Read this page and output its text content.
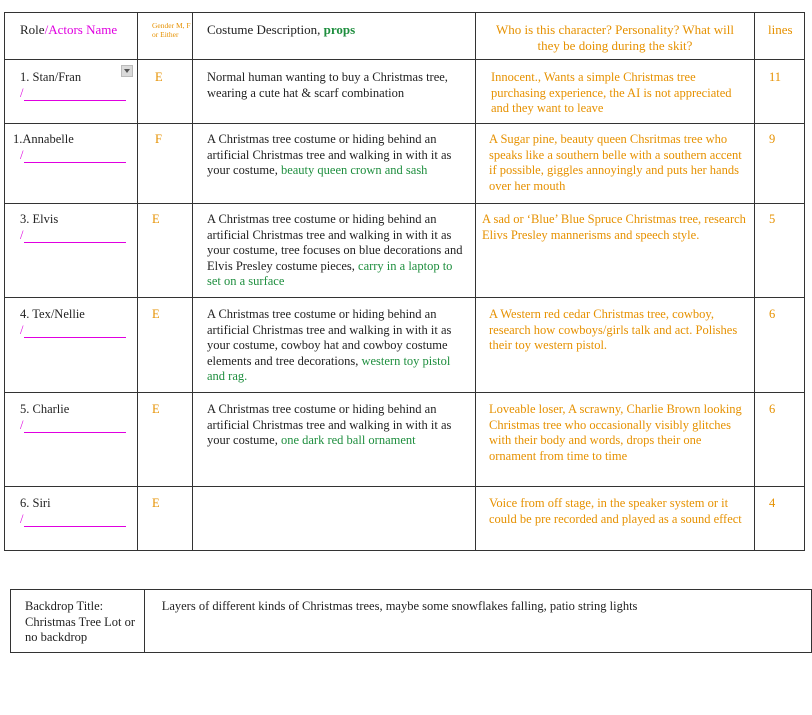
Role/Actors Name	Gender M, F or Either	Costume Description, props	Who is this character? Personality? What will they be doing during the skit?	lines

1. Stan/Fran
/	E	Normal human wanting to buy a Christmas tree, wearing a cute hat & scarf combination	Innocent., Wants a simple Christmas tree purchasing experience, the AI is not appreciated and they want to leave	11

1.Annabelle
/	F	A Christmas tree costume or hiding behind an artificial Christmas tree and walking in with it as your costume, beauty queen crown and sash	A Sugar pine, beauty queen Chsritmas tree who speaks like a southern belle with a southern accent if possible, giggles annoyingly and puts her hands over her mouth	9

3. Elvis
/	E	A Christmas tree costume or hiding behind an artificial Christmas tree and walking in with it as your costume, tree focuses on blue decorations and Elvis Presley costume pieces, carry in a laptop to set on a surface	A sad or ‘Blue’ Blue Spruce Christmas tree, research Elivs Presley mannerisms and speech style.	5

4. Tex/Nellie
/	E	A Christmas tree costume or hiding behind an artificial Christmas tree and walking in with it as your costume, cowboy hat and cowboy costume elements and tree decorations, western toy pistol and rag.	A Western red cedar Christmas tree, cowboy, research how cowboys/girls talk and act. Polishes their toy western pistol.	6

5. Charlie
/	E	A Christmas tree costume or hiding behind an artificial Christmas tree and walking in with it as your costume, one dark red ball ornament	Loveable loser, A scrawny, Charlie Brown looking Christmas tree who occasionally visibly glitches with their body and words, drops their one ornament from time to time	6

6. Siri
/	E		Voice from off stage, in the speaker system or it could be pre recorded and played as a sound effect	4
Backdrop Title: Christmas Tree Lot or no backdrop

Layers of different kinds of Christmas trees, maybe some snowflakes falling, patio string lights
